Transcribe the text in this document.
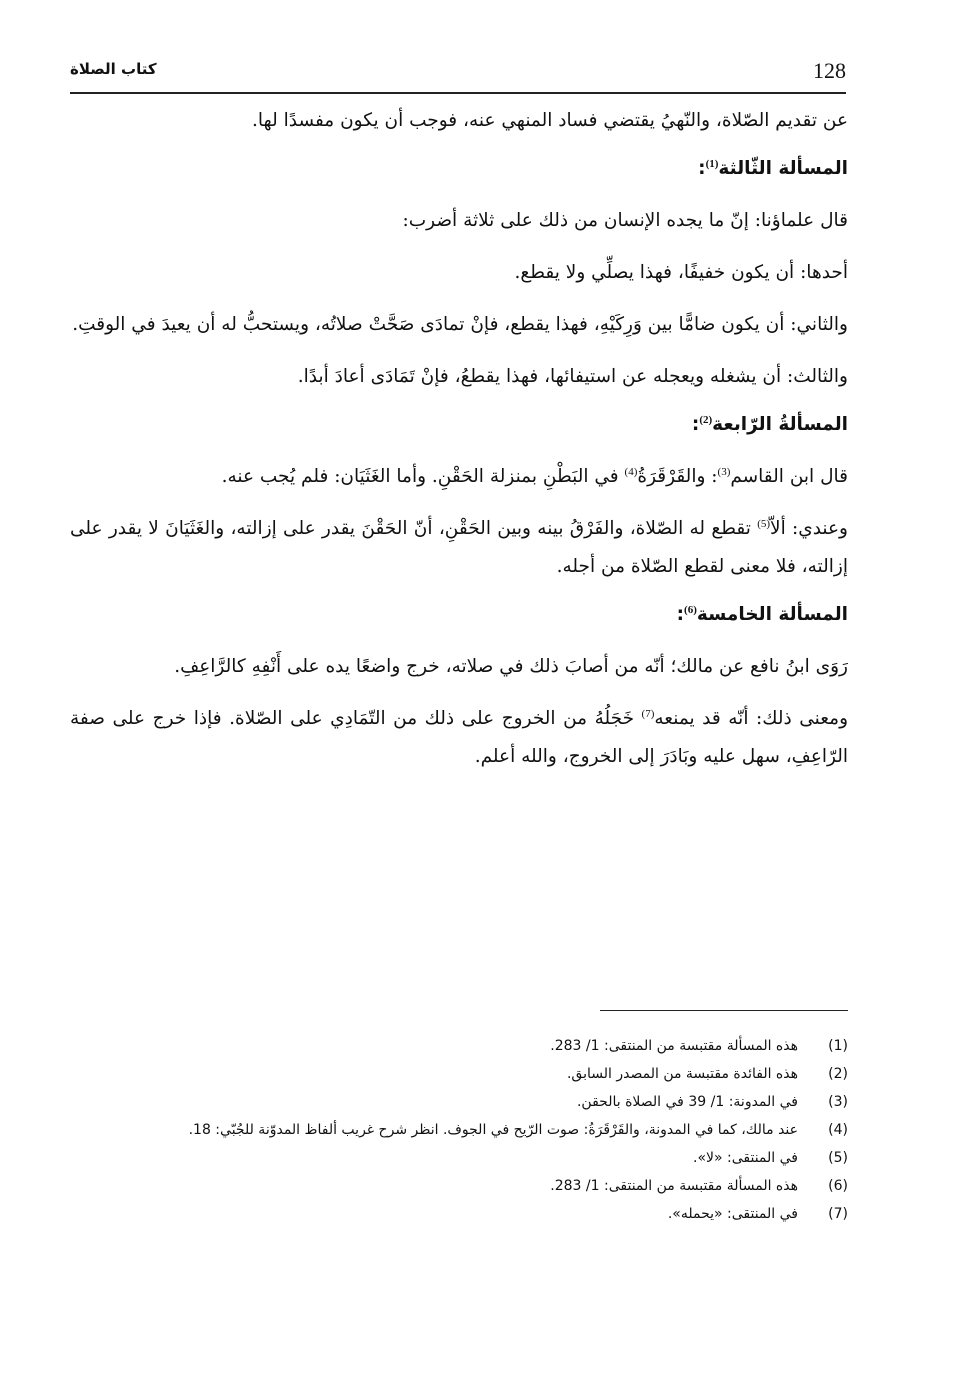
128
كتاب الصلاة

عن تقديم الصّلاة، والنّهيُ يقتضي فساد المنهي عنه، فوجب أن يكون مفسدًا لها.

المسألة الثّالثة$^{(1)}$:

قال علماؤنا: إنّ ما يجده الإنسان من ذلك على ثلاثة أضرب:

أحدها: أن يكون خفيفًا، فهذا يصلِّي ولا يقطع.

والثاني: أن يكون ضامًّا بين وَرِكَيْهِ، فهذا يقطع، فإنْ تمادَى صَحَّتْ صلاتُه، ويستحبُّ له أن يعيدَ في الوقتِ.

والثالث: أن يشغله ويعجله عن استيفائها، فهذا يقطعُ، فإنْ تَمَادَى أعادَ أبدًا.

المسألةُ الرّابعة$^{(2)}$:

قال ابن القاسم$^{(3)}$: والقَرْقَرَةُ$^{(4)}$ في البَطْنِ بمنزلة الحَقْنِ. وأما الغَثَيَان: فلم يُجب عنه.

وعندي: ألاّ$^{(5)}$ تقطع له الصّلاة، والفَرْقُ بينه وبين الحَقْنِ، أنّ الحَقْنَ يقدر على إزالته، والغَثَيَانَ لا يقدر على إزالته، فلا معنى لقطع الصّلاة من أجله.

المسألة الخامسة$^{(6)}$:

رَوَى ابنُ نافع عن مالك؛ أنّه من أصابَ ذلك في صلاته، خرج واضعًا يده على أَنْفِهِ كالرَّاعِفِ.

ومعنى ذلك: أنّه قد يمنعه$^{(7)}$ خَجَلُهُ من الخروج على ذلك من التّمَادِي على الصّلاة. فإذا خرج على صفة الرّاعِفِ، سهل عليه وبَادَرَ إلى الخروج، والله أعلم.

(1)
هذه المسألة مقتبسة من المنتقى: 1/ 283.
(2)
هذه الفائدة مقتبسة من المصدر السابق.
(3)
في المدونة: 1/ 39 في الصلاة بالحقن.
(4)
عند مالك، كما في المدونة، والقَرْقَرَةُ: صوت الرّيح في الجوف. انظر شرح غريب ألفاظ المدوّنة للجُبّي: 18.
(5)
في المنتقى: «لا».
(6)
هذه المسألة مقتبسة من المنتقى: 1/ 283.
(7)
في المنتقى: «يحمله».
